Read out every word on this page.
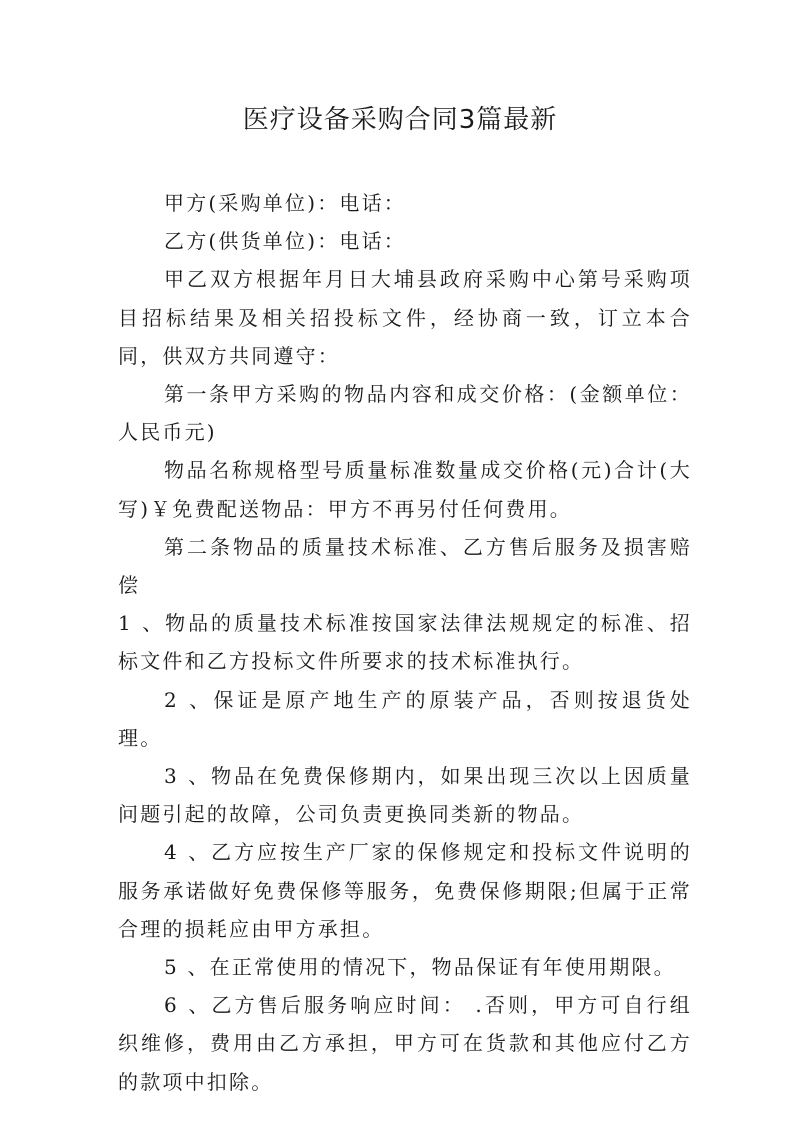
医疗设备采购合同3篇最新

甲方(采购单位)：电话：

乙方(供货单位)：电话：

甲乙双方根据年月日大埔县政府采购中心第号采购项目招标结果及相关招投标文件，经协商一致，订立本合同，供双方共同遵守：

第一条甲方采购的物品内容和成交价格：(金额单位：人民币元)

物品名称规格型号质量标准数量成交价格(元)合计(大写)￥免费配送物品：甲方不再另付任何费用。

第二条物品的质量技术标准、乙方售后服务及损害赔偿

1 、物品的质量技术标准按国家法律法规规定的标准、招标文件和乙方投标文件所要求的技术标准执行。

2 、保证是原产地生产的原装产品，否则按退货处理。

3 、物品在免费保修期内，如果出现三次以上因质量问题引起的故障，公司负责更换同类新的物品。

4 、乙方应按生产厂家的保修规定和投标文件说明的服务承诺做好免费保修等服务，免费保修期限;但属于正常合理的损耗应由甲方承担。

5 、在正常使用的情况下，物品保证有年使用期限。

6 、乙方售后服务响应时间： .否则，甲方可自行组织维修，费用由乙方承担，甲方可在货款和其他应付乙方的款项中扣除。
